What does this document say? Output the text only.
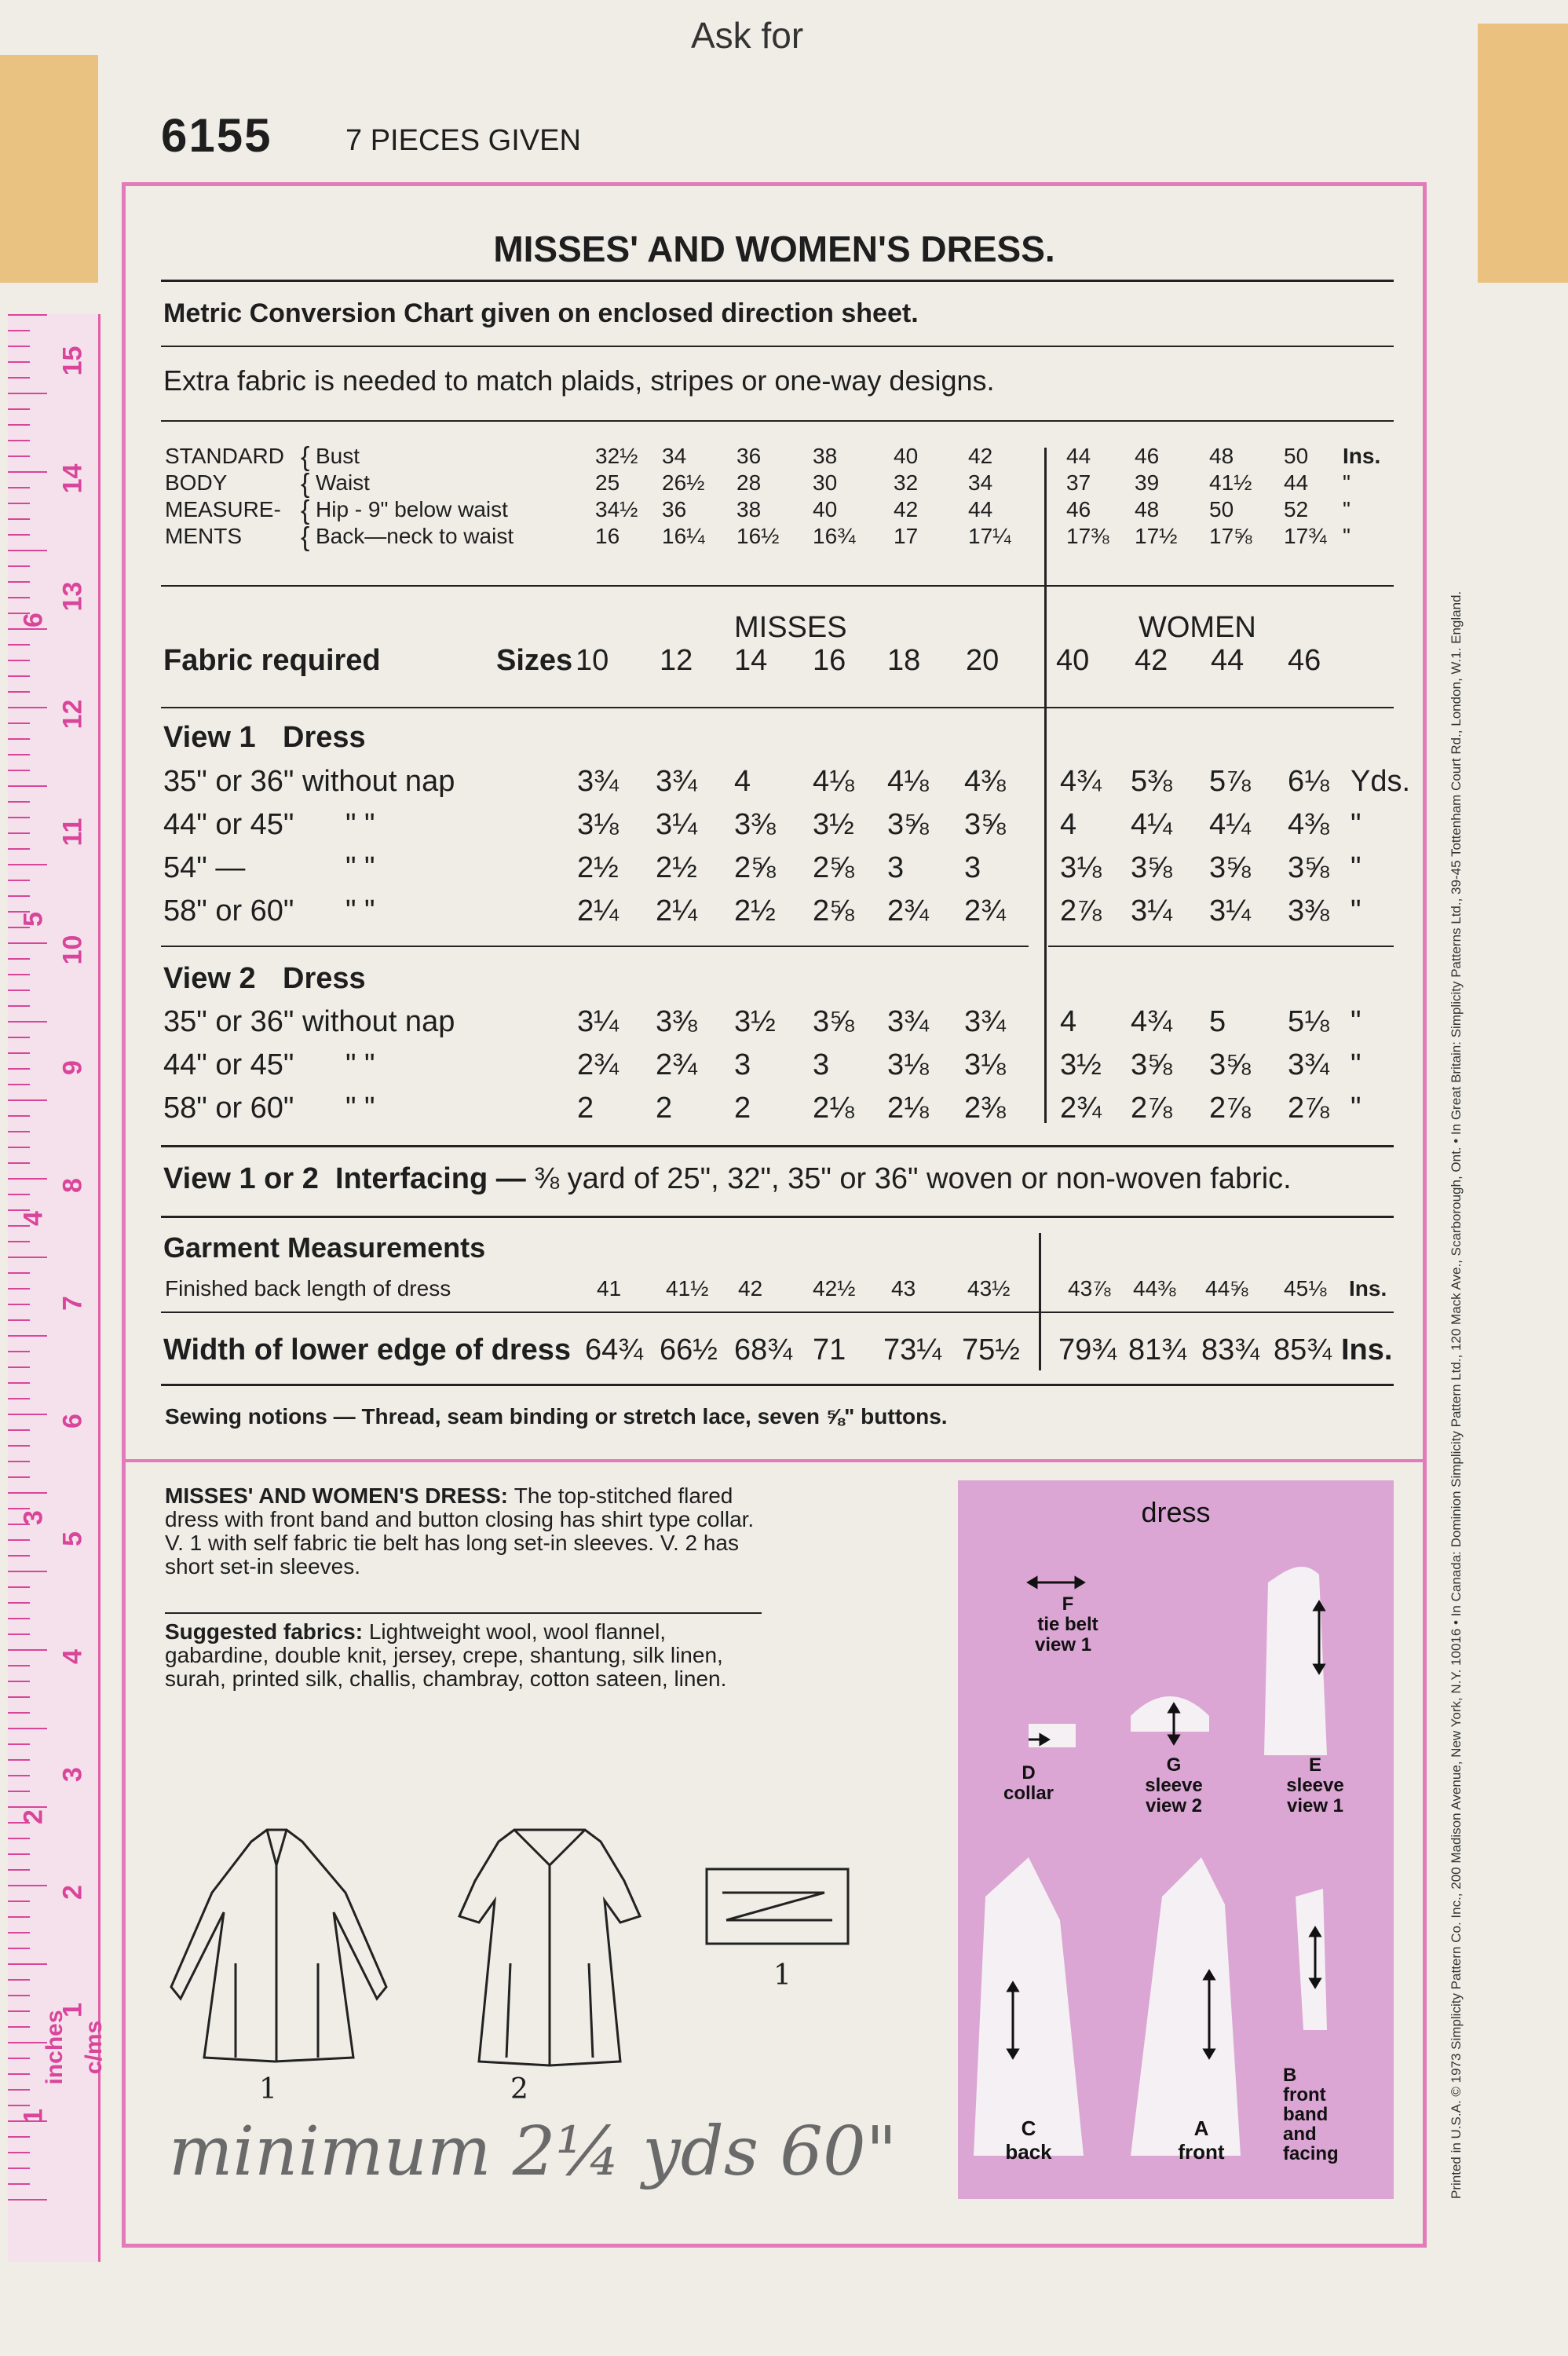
15
14
13
12
11
10
9
8
7
6
5
4
3
2
1
6
5
4
3
2
1
inches c/ms
Ask for
6155 7 PIECES GIVEN
MISSES' AND WOMEN'S DRESS.
Metric Conversion Chart given on enclosed direction sheet.
Extra fabric is needed to match plaids, stripes or one-way designs.
STANDARD
BODY
MEASURE-
MENTS
{ Bust	32½ 34 36 38	40 42	44 46 48 50 Ins.
{ Waist	25 26½ 28 30	32 34	37 39 41½ 44 "
{ Hip - 9" below waist	34½ 36 38 40	42 44	46 48 50 52 "
{ Back—neck to waist	16 16¼ 16½ 16¾ 17 17¼	17⅜ 17½ 17⅝ 17¾ "
Fabric required	Sizes
MISSES	WOMEN
10 12 14 16 18 20 40 42 44 46
View 1 Dress
35" or 36" without nap	3¾ 3¾ 4 4⅛ 4⅛ 4⅜ 4¾ 5⅜ 5⅞ 6⅛ Yds.
44" or 45" " "	3⅛ 3¼ 3⅜ 3½ 3⅝ 3⅝ 4 4¼ 4¼ 4⅜ "
54" —	" "	2½ 2½ 2⅝ 2⅝ 3 3	3⅛ 3⅝ 3⅝ 3⅝ "
58" or 60" " "	2¼ 2¼ 2½ 2⅝ 2¾ 2¾ 2⅞ 3¼ 3¼ 3⅜ "
View 2 Dress
35" or 36" without nap	3¼ 3⅜ 3½ 3⅝ 3¾ 3¾ 4 4¾ 5 5⅛ "
44" or 45" " "	2¾ 2¾ 3 3 3⅛ 3⅛ 3½ 3⅝ 3⅝ 3¾ "
58" or 60" " "	2 2 2 2⅛ 2⅛ 2⅜ 2¾ 2⅞ 2⅞ 2⅞ "
View 1 or 2 Interfacing — ⅜ yard of 25", 32", 35" or 36" woven or non-woven fabric.
Garment Measurements
Finished back length of dress	41 41½ 42 42½ 43 43½	43⅞ 44⅜ 44⅝ 45⅛ Ins.
Width of lower edge of dress 64¾ 66½ 68¾ 71 73¼ 75½ 79¾ 81¾ 83¾ 85¾ Ins.
Sewing notions — Thread, seam binding or stretch lace, seven ⅝" buttons.
MISSES' AND WOMEN'S DRESS: The top-stitched flared dress with front band and button closing has shirt type collar. V. 1 with self fabric tie belt has long set-in sleeves. V. 2 has short set-in sleeves.
Suggested fabrics: Lightweight wool, wool flannel, gabardine, double knit, jersey, crepe, shantung, silk linen, surah, printed silk, challis, chambray, cotton sateen, linen.
1	2
1
minimum 2¼ yds 60"
dress
F
tie belt
view 1
D
collar
G
sleeve
view 2
E
sleeve
view 1
C
back
A
front
B
front
band
and
facing	Printed in U.S.A. © 1973 Simplicity Pattern Co. Inc., 200 Madison Avenue, New York, N.Y. 10016 • In Canada: Dominion Simplicity Pattern Ltd., 120 Mack Ave., Scarborough, Ont. • In Great Britain: Simplicity Patterns Ltd., 39-45 Tottenham Court Rd., London, W.1. England.
